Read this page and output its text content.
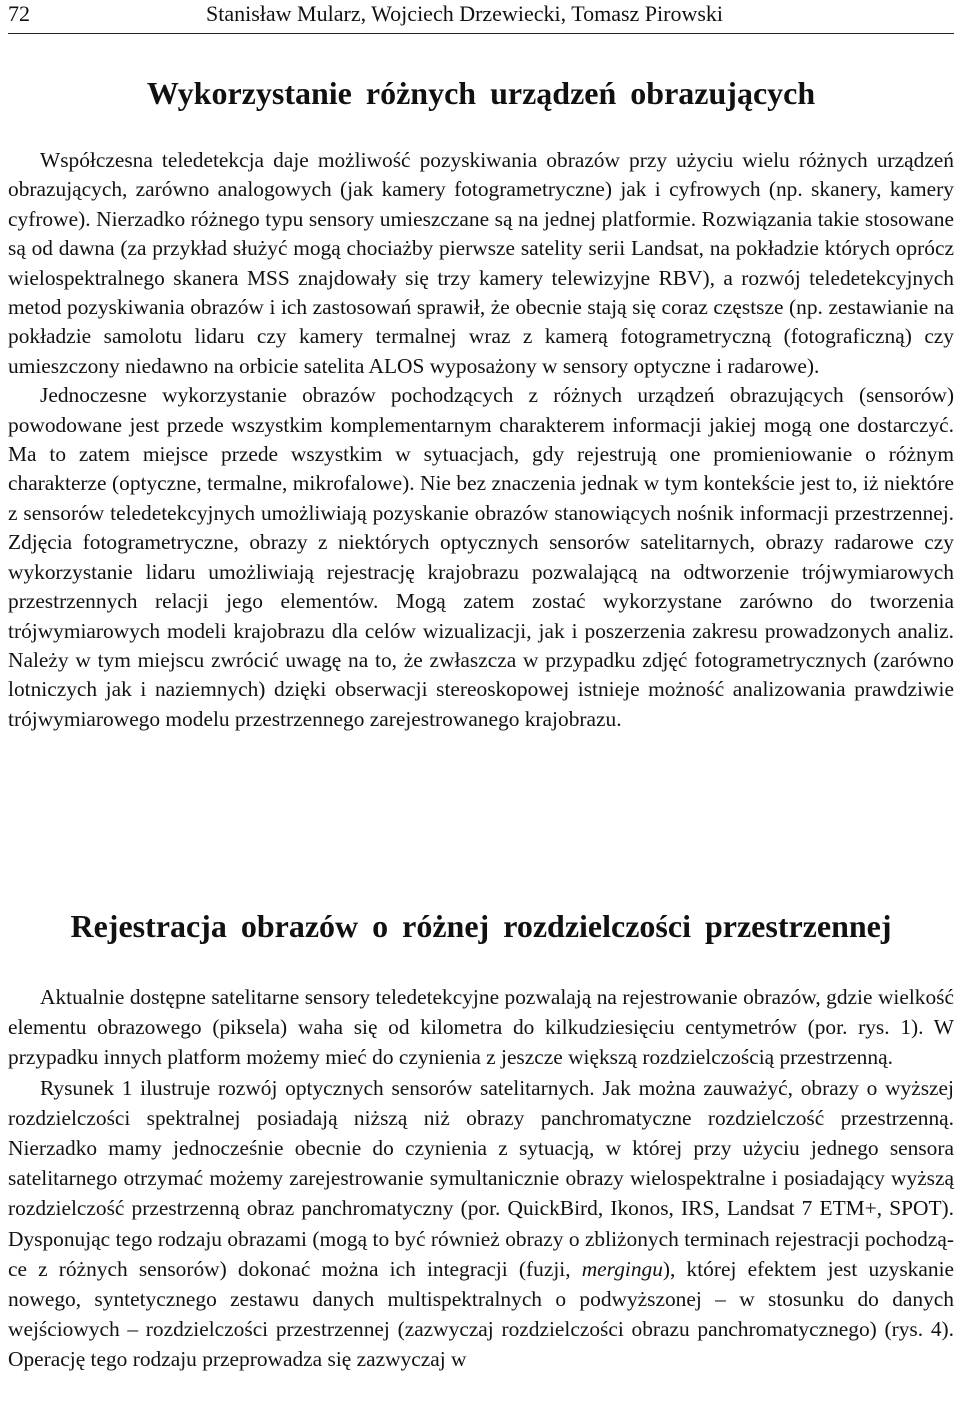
72	Stanisław Mularz, Wojciech Drzewiecki, Tomasz Pirowski
Wykorzystanie różnych urządzeń obrazujących

Współczesna teledetekcja daje możliwość pozyskiwania obrazów przy użyciu wielu różnych urządzeń obrazujących, zarówno analogowych (jak kamery fotogrametryczne) jak i cyfrowych (np. skanery, kamery cyfrowe). Nierzadko różnego typu sensory umieszczane są na jednej platformie. Rozwiązania takie stosowane są od dawna (za przykład służyć mogą chociażby pierwsze satelity serii Landsat, na pokładzie których oprócz wielospektralnego skanera MSS znajdowały się trzy kamery telewizyjne RBV), a rozwój teledetekcyjnych metod pozyskiwania obrazów i ich zastosowań sprawił, że obecnie stają się coraz częstsze (np. zestawianie na pokładzie samolotu lidaru czy kamery termalnej wraz z kamerą fotogrametryczną (fotograficzną) czy umieszczony niedawno na orbicie satelita ALOS wyposażony w sensory optyczne i radarowe).

Jednoczesne wykorzystanie obrazów pochodzących z różnych urządzeń obrazujących (sensorów) powodowane jest przede wszystkim komplementarnym charakterem informacji jakiej mogą one dostarczyć. Ma to zatem miejsce przede wszystkim w sytuacjach, gdy rejestrują one promieniowanie o różnym charakterze (optyczne, termalne, mikrofalowe). Nie bez znaczenia jednak w tym kontekście jest to, iż niektóre z sensorów teledetekcyjnych umożliwiają pozyskanie obrazów stanowiących nośnik informacji przestrzennej. Zdjęcia fotogrametryczne, obrazy z niektórych optycznych sensorów satelitarnych, obrazy radarowe czy wykorzystanie lidaru umożliwiają rejestrację krajobrazu pozwalającą na odtworzenie trójwymiarowych przestrzennych relacji jego elementów. Mogą zatem zostać wykorzystane zarówno do tworzenia trójwymiarowych modeli krajobrazu dla celów wizualizacji, jak i poszerzenia zakresu prowadzonych analiz. Należy w tym miejscu zwrócić uwagę na to, że zwłaszcza w przypadku zdjęć fotogrametrycznych (zarówno lotniczych jak i naziemnych) dzięki obserwacji stereoskopowej istnieje możność analizowania prawdziwie trójwymiarowego modelu przestrzennego zarejestrowanego krajobrazu.

Rejestracja obrazów o różnej rozdzielczości przestrzennej

Aktualnie dostępne satelitarne sensory teledetekcyjne pozwalają na rejestrowanie obrazów, gdzie wielkość elementu obrazowego (piksela) waha się od kilometra do kilkudziesięciu centymetrów (por. rys. 1). W przypadku innych platform możemy mieć do czynienia z jeszcze większą rozdzielczością przestrzenną.

Rysunek 1 ilustruje rozwój optycznych sensorów satelitarnych. Jak można zauważyć, obrazy o wyższej rozdzielczości spektralnej posiadają niższą niż obrazy panchromatyczne rozdzielczość przestrzenną. Nierzadko mamy jednocześnie obecnie do czynienia z sytuacją, w której przy użyciu jednego sensora satelitarnego otrzymać możemy zarejestrowanie symultanicznie obrazy wielospektralne i posiadający wyższą rozdzielczość przestrzenną obraz panchromatyczny (por. QuickBird, Ikonos, IRS, Landsat 7 ETM+, SPOT). Dysponując tego rodzaju obrazami (mogą to być również obrazy o zbliżonych terminach rejestracji pochodzące z różnych sensorów) dokonać można ich integracji (fuzji, mergingu), której efektem jest uzyskanie nowego, syntetycznego zestawu danych multispektralnych o podwyższonej – w stosunku do danych wejściowych – rozdzielczości przestrzennej (zazwyczaj rozdzielczości obrazu panchromatycznego) (rys. 4). Operację tego rodzaju przeprowadza się zazwyczaj w
